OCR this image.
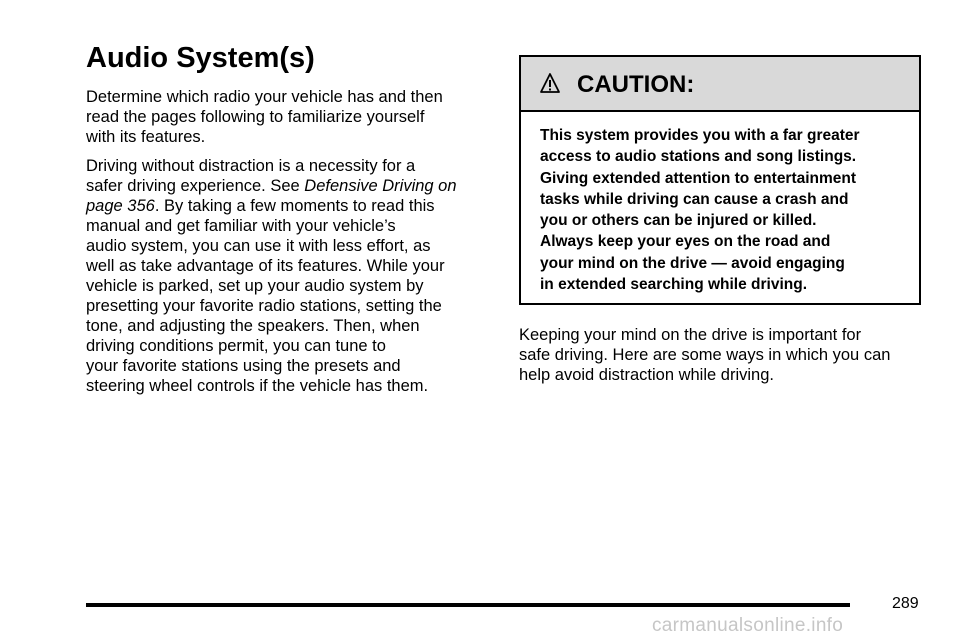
Audio System(s)

Determine which radio your vehicle has and then
read the pages following to familiarize yourself
with its features.

Driving without distraction is a necessity for a
safer driving experience. See Defensive Driving on
page 356. By taking a few moments to read this
manual and get familiar with your vehicle’s
audio system, you can use it with less effort, as
well as take advantage of its features. While your
vehicle is parked, set up your audio system by
presetting your favorite radio stations, setting the
tone, and adjusting the speakers. Then, when
driving conditions permit, you can tune to
your favorite stations using the presets and
steering wheel controls if the vehicle has them.

CAUTION:
This system provides you with a far greater
access to audio stations and song listings.
Giving extended attention to entertainment
tasks while driving can cause a crash and
you or others can be injured or killed.
Always keep your eyes on the road and
your mind on the drive — avoid engaging
in extended searching while driving.

Keeping your mind on the drive is important for
safe driving. Here are some ways in which you can
help avoid distraction while driving.

289
carmanualsonline.info
